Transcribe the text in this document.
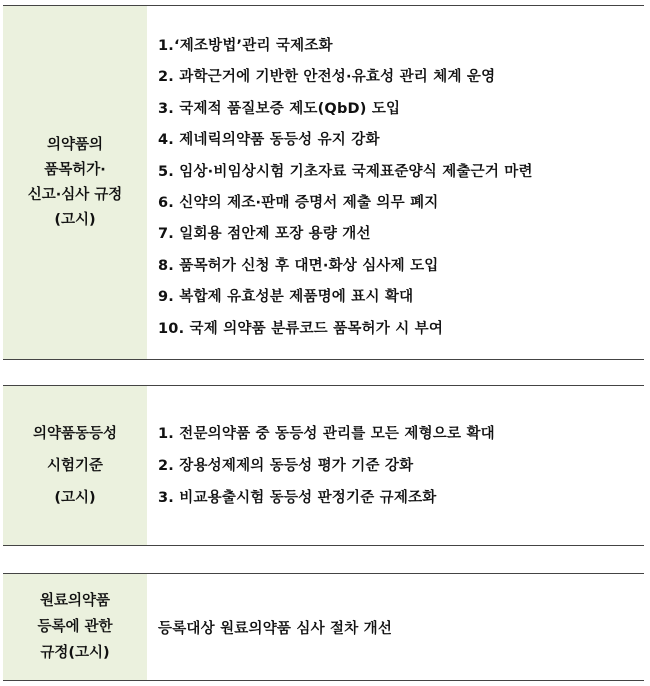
의약품의
품목허가·
신고·심사 규정
(고시)
1.‘제조방법’관리 국제조화
2. 과학근거에 기반한 안전성·유효성 관리 체계 운영
3. 국제적 품질보증 제도(QbD) 도입
4. 제네릭의약품 동등성 유지 강화
5. 임상·비임상시험 기초자료 국제표준양식 제출근거 마련
6. 신약의 제조·판매 증명서 제출 의무 폐지
7. 일회용 점안제 포장 용량 개선
8. 품목허가 신청 후 대면·화상 심사제 도입
9. 복합제 유효성분 제품명에 표시 확대
10. 국제 의약품 분류코드 품목허가 시 부여
의약품동등성
시험기준
(고시)
1. 전문의약품 중 동등성 관리를 모든 제형으로 확대
2. 장용성제제의 동등성 평가 기준 강화
3. 비교용출시험 동등성 판정기준 규제조화
원료의약품
등록에 관한
규정(고시)
등록대상 원료의약품 심사 절차 개선
